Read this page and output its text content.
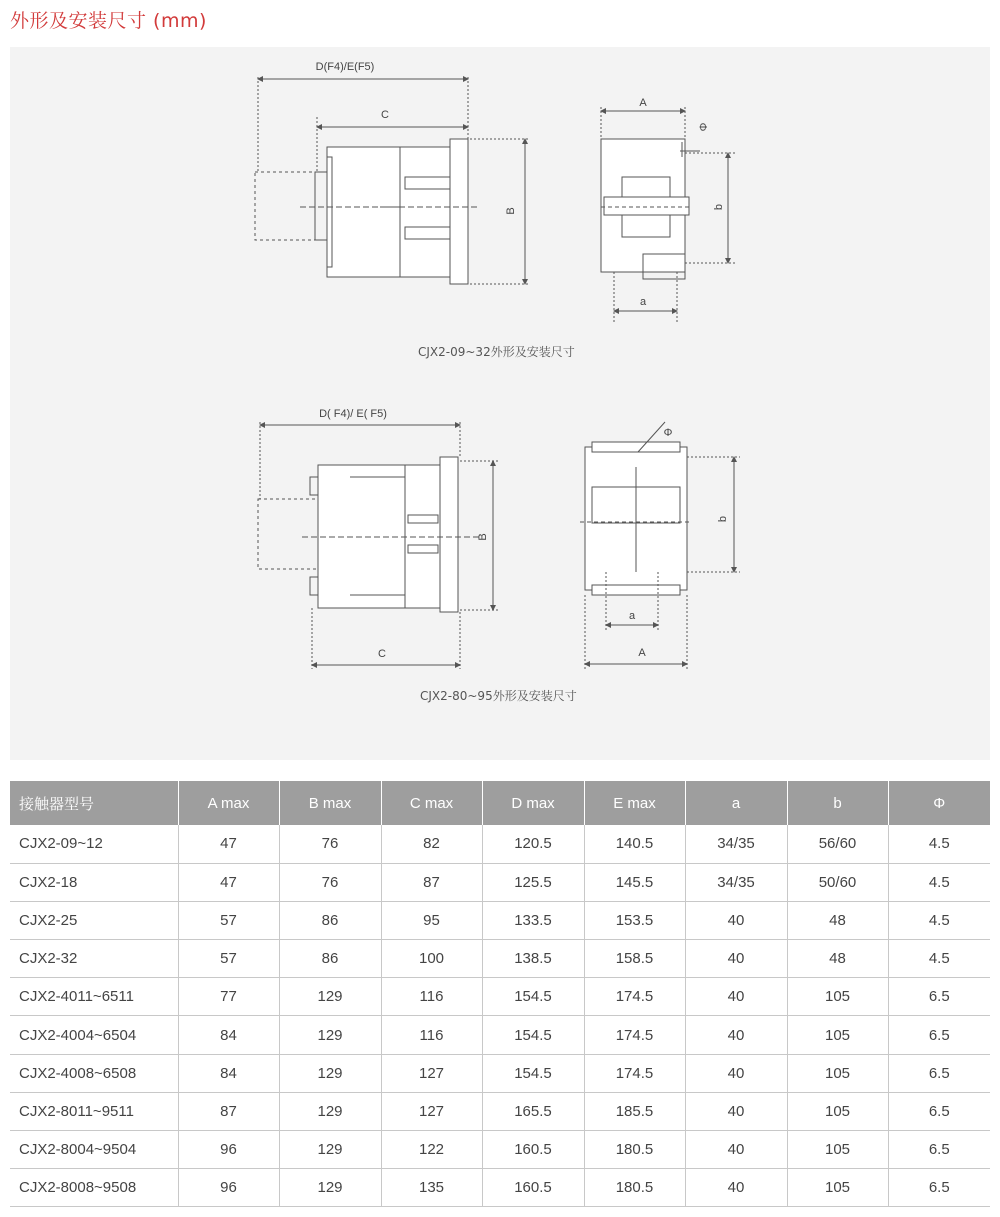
外形及安装尺寸 (mm)
D(F4)/E(F5)
C
B
A
Φ
b
a
D( F4)/ E( F5)
C
B
Φ
b
a
A
CJX2-09~32外形及安装尺寸
CJX2-80~95外形及安装尺寸
接触器型号	A max	B max	C max	D max	E max	a	b	Φ
CJX2-09~12	47	76	82	120.5	140.5	34/35	56/60	4.5
CJX2-18	47	76	87	125.5	145.5	34/35	50/60	4.5
CJX2-25	57	86	95	133.5	153.5	40	48	4.5
CJX2-32	57	86	100	138.5	158.5	40	48	4.5
CJX2-4011~6511	77	129	116	154.5	174.5	40	105	6.5
CJX2-4004~6504	84	129	116	154.5	174.5	40	105	6.5
CJX2-4008~6508	84	129	127	154.5	174.5	40	105	6.5
CJX2-8011~9511	87	129	127	165.5	185.5	40	105	6.5
CJX2-8004~9504	96	129	122	160.5	180.5	40	105	6.5
CJX2-8008~9508	96	129	135	160.5	180.5	40	105	6.5
